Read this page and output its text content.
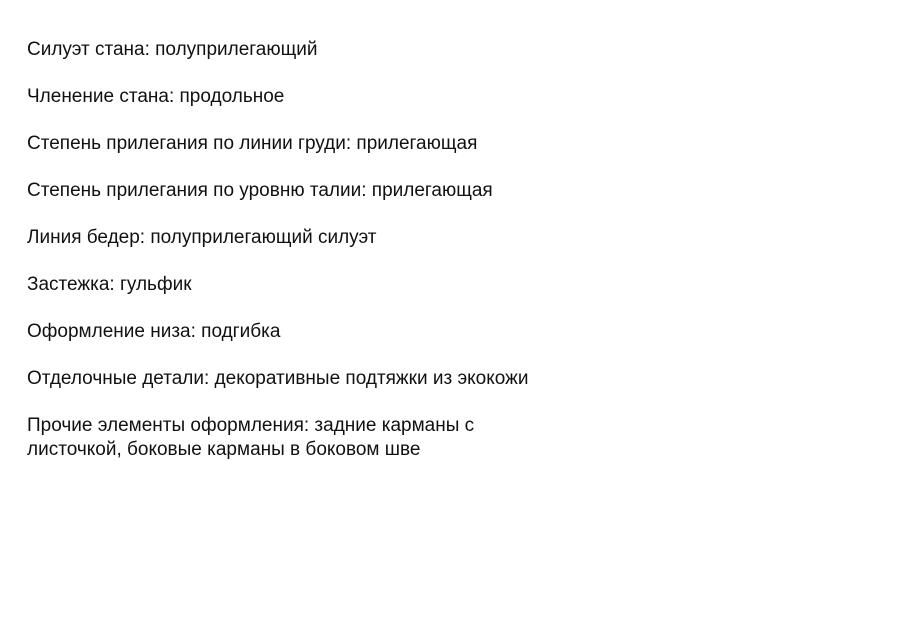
Силуэт стана: полуприлегающий
Членение стана: продольное
Степень прилегания по линии груди: прилегающая
Степень прилегания по уровню талии: прилегающая
Линия бедер: полуприлегающий силуэт
Застежка: гульфик
Оформление низа: подгибка
Отделочные детали: декоративные подтяжки из экокожи
Прочие элементы оформления: задние карманы с листочкой, боковые карманы в боковом шве
